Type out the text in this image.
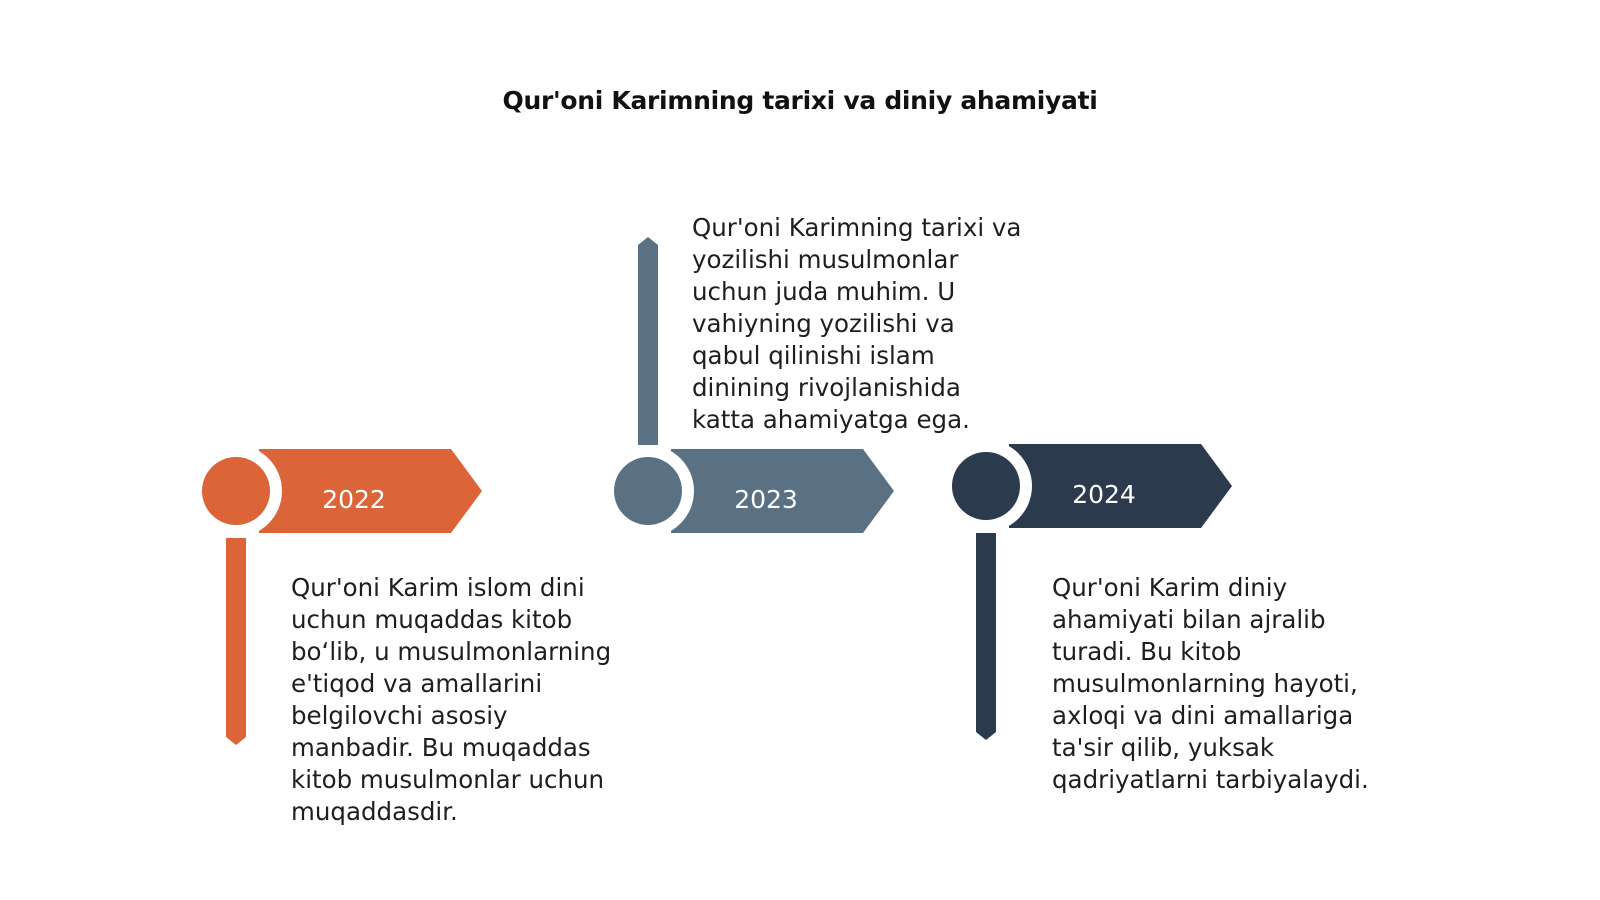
Qur'oni Karimning tarixi va diniy ahamiyati
2022	2023	2024
Qur'oni Karim islom dini
uchun muqaddas kitob
bo‘lib, u musulmonlarning
e'tiqod va amallarini
belgilovchi asosiy
manbadir. Bu muqaddas
kitob musulmonlar uchun
muqaddasdir.
Qur'oni Karimning tarixi va
yozilishi musulmonlar
uchun juda muhim. U
vahiyning yozilishi va
qabul qilinishi islam
dinining rivojlanishida
katta ahamiyatga ega.
Qur'oni Karim diniy
ahamiyati bilan ajralib
turadi. Bu kitob
musulmonlarning hayoti,
axloqi va dini amallariga
ta'sir qilib, yuksak
qadriyatlarni tarbiyalaydi.
